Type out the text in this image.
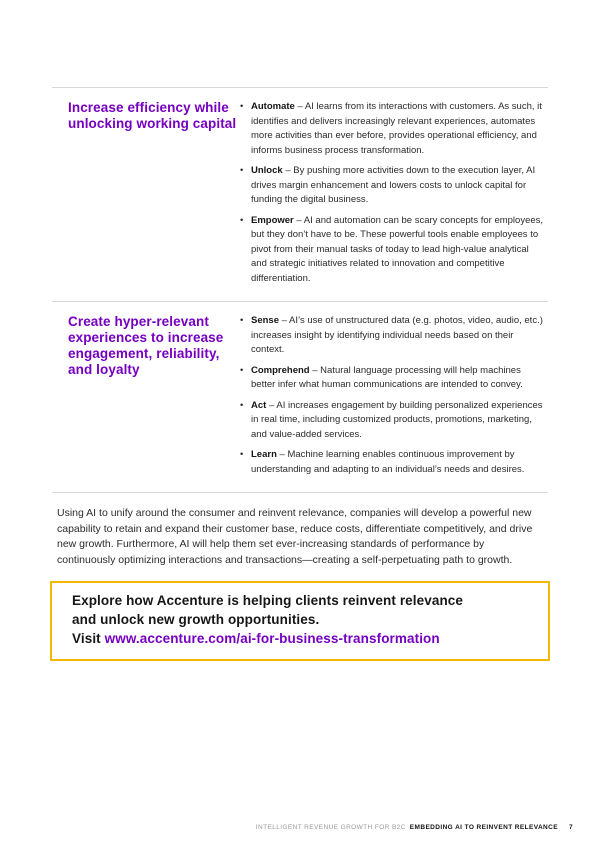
Increase efficiency while unlocking working capital
• Automate – AI learns from its interactions with customers. As such, it identifies and delivers increasingly relevant experiences, automates more activities than ever before, provides operational efficiency, and informs business process transformation.
• Unlock – By pushing more activities down to the execution layer, AI drives margin enhancement and lowers costs to unlock capital for funding the digital business.
• Empower – AI and automation can be scary concepts for employees, but they don’t have to be. These powerful tools enable employees to pivot from their manual tasks of today to lead high-value analytical and strategic initiatives related to innovation and competitive differentiation.
Create hyper-relevant experiences to increase engagement, reliability, and loyalty
• Sense – AI’s use of unstructured data (e.g. photos, video, audio, etc.) increases insight by identifying individual needs based on their context.
• Comprehend – Natural language processing will help machines better infer what human communications are intended to convey.
• Act – AI increases engagement by building personalized experiences in real time, including customized products, promotions, marketing, and value-added services.
• Learn – Machine learning enables continuous improvement by understanding and adapting to an individual’s needs and desires.

Using AI to unify around the consumer and reinvent relevance, companies will develop a powerful new capability to retain and expand their customer base, reduce costs, differentiate competitively, and drive new growth. Furthermore, AI will help them set ever-increasing standards of performance by continuously optimizing interactions and transactions—creating a self-perpetuating path to growth.

Explore how Accenture is helping clients reinvent relevance
and unlock new growth opportunities.
Visit www.accenture.com/ai-for-business-transformation
INTELLIGENT REVENUE GROWTH FOR B2C EMBEDDING AI TO REINVENT RELEVANCE 7
